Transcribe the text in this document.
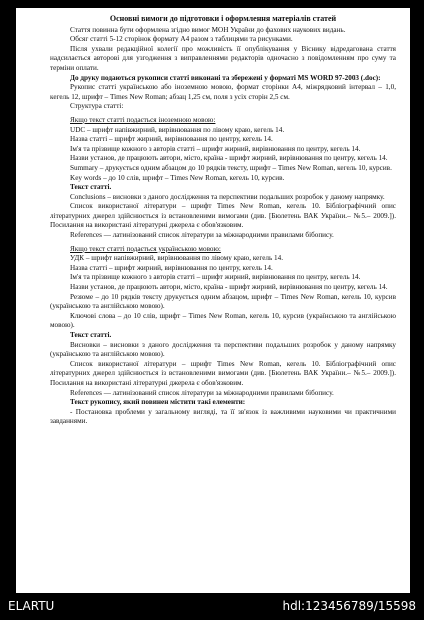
Основні вимоги до підготовки і оформлення матеріалів статей

Стаття повинна бути оформлена згідно вимог МОН України до фахових наукових видань.

Обсяг статті 5-12 сторінок формату А4 разом з таблицями та рисунками.

Після ухвали редакційної колегії про можливість її опублікування у Віснику відредагована стаття надсилається авторові для узгодження з виправленнями редакторів одночасно з повідомленням про суму та терміни оплати.

До друку подаються рукописи статті виконані та збережені у форматі MS WORD 97-2003 (.doc):

Рукопис статті українською або іноземною мовою, формат сторінки А4, міжрядковий інтервал – 1,0, кегель 12, шрифт – Times New Roman; абзац 1,25 см, поля з усіх сторін 2,5 см.

Структура статті:

Якщо текст статті подається іноземною мовою:

UDC – шрифт напівжирний, вирівнювання по лівому краю, кегель 14.

Назва статті – шрифт жирний, вирівнювання по центру, кегель 14.

Ім'я та прізвище кожного з авторів статті – шрифт жирний, вирівнювання по центру, кегель 14.

Назви установ, де працюють автори, місто, країна - шрифт жирний, вирівнювання по центру, кегель 14.

Summary – друкується одним абзацом до 10 рядків тексту, шрифт – Times New Roman, кегель 10, курсив.

Key words – до 10 слів, шрифт – Times New Roman, кегель 10, курсив.

Текст статті.

Conclusions – висновки з даного дослідження та перспективи подальших розробок у даному напрямку.

Список використаної літератури – шрифт Times New Roman, кегель 10. Бібліографічний опис літературних джерел здійснюється із встановленими вимогами (див. [Бюлетень ВАК України.– №5.– 2009.]). Посилання на використані літературні джерела є обов'язковим.

References — латинізований список літератури за міжнародними правилами бібопису.

Якщо текст статті подається українською мовою:

УДК – шрифт напівжирний, вирівнювання по лівому краю, кегель 14.

Назва статті – шрифт жирний, вирівнювання по центру, кегель 14.

Ім'я та прізвище кожного з авторів статті – шрифт жирний, вирівнювання по центру, кегель 14.

Назви установ, де працюють автори, місто, країна - шрифт жирний, вирівнювання по центру, кегель 14.

Резюме – до 10 рядків тексту друкується одним абзацом, шрифт – Times New Roman, кегель 10, курсив (українською та англійською мовою).

Ключові слова – до 10 слів, шрифт – Times New Roman, кегель 10, курсив (українською та англійською мовою).

Текст статті.

Висновки – висновки з даного дослідження та перспективи подальших розробок у даному напрямку (українською та англійською мовою).

Список використаної літератури – шрифт Times New Roman, кегель 10. Бібліографічний опис літературних джерел здійснюється із встановленими вимогами (див. [Бюлетень ВАК України.– №5.– 2009.]). Посилання на використані літературні джерела є обов'язковим.

References — латинізований список літератури за міжнародними правилами бібопису.

Текст рукопису, який повинен містити такі елементи:

- Постановка проблеми у загальному вигляді, та її зв'язок із важливими науковими чи практичними завданнями.

ELARTU	hdl:123456789/15598
